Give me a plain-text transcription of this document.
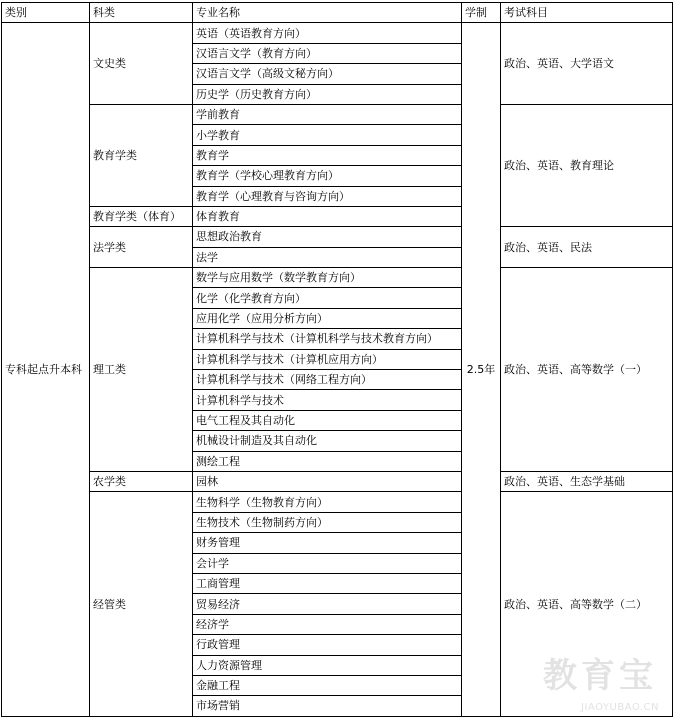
类别	科类	专业名称	学制	考试科目
专科起点升本科	文史类	英语（英语教育方向）	2.5年	政治、英语、大学语文
		汉语言文学（教育方向）		
		汉语言文学（高级文秘方向）		
		历史学（历史教育方向）		
	教育学类	学前教育		政治、英语、教育理论
		小学教育		
		教育学		
		教育学（学校心理教育方向）		
		教育学（心理教育与咨询方向）		
	教育学类（体育）	体育教育		
	法学类	思想政治教育		政治、英语、民法
		法学		
	理工类	数学与应用数学（数学教育方向）		政治、英语、高等数学（一）
		化学（化学教育方向）		
		应用化学（应用分析方向）		
		计算机科学与技术（计算机科学与技术教育方向）		
		计算机科学与技术（计算机应用方向）		
		计算机科学与技术（网络工程方向）		
		计算机科学与技术		
		电气工程及其自动化		
		机械设计制造及其自动化		
		测绘工程		
	农学类	园林		政治、英语、生态学基础
	经管类	生物科学（生物教育方向）		政治、英语、高等数学（二）
		生物技术（生物制药方向）		
		财务管理		
		会计学		
		工商管理		
		贸易经济		
		经济学		
		行政管理		
		人力资源管理		
		金融工程		
		市场营销		
教育宝
JIAOYUBAO.CN
